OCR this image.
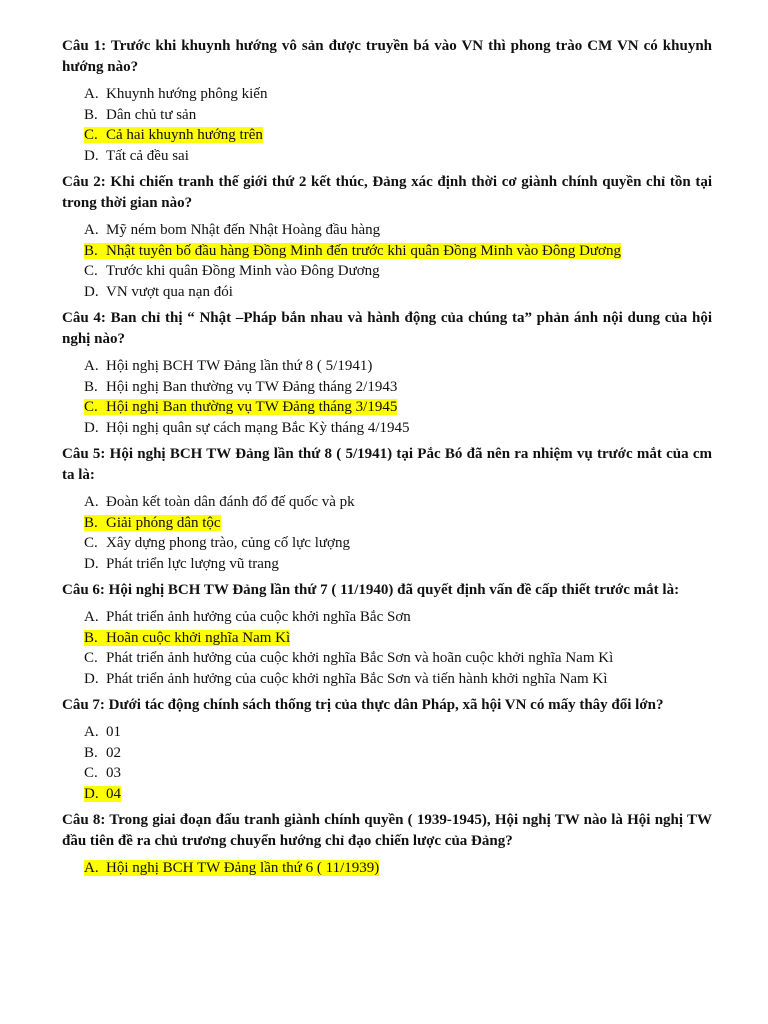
Câu 1: Trước khi khuynh hướng vô sản được truyền bá vào VN thì phong trào CM VN có khuynh hướng nào?

A. Khuynh hướng phông kiến
B. Dân chủ tư sản
C. Cả hai khuynh hướng trên
D. Tất cả đều sai

Câu 2: Khi chiến tranh thế giới thứ 2 kết thúc, Đảng xác định thời cơ giành chính quyền chỉ tồn tại trong thời gian nào?

A. Mỹ ném bom Nhật đến Nhật Hoàng đầu hàng
B. Nhật tuyên bố đầu hàng Đồng Minh đến trước khi quân Đồng Minh vào Đông Dương
C. Trước khi quân Đồng Minh vào Đông Dương
D. VN vượt qua nạn đói

Câu 4: Ban chỉ thị “ Nhật –Pháp bắn nhau và hành động của chúng ta” phản ánh nội dung của hội nghị nào?

A. Hội nghị BCH TW Đảng lần thứ 8 ( 5/1941)
B. Hội nghị Ban thường vụ TW Đảng tháng 2/1943
C. Hội nghị Ban thường vụ TW Đảng tháng 3/1945
D. Hội nghị quân sự cách mạng Bắc Kỳ tháng 4/1945

Câu 5: Hội nghị BCH TW Đảng lần thứ 8 ( 5/1941) tại Pắc Bó đã nên ra nhiệm vụ trước mắt của cm ta là:

A. Đoàn kết toàn dân đánh đổ đế quốc và pk
B. Giải phóng dân tộc
C. Xây dựng phong trào, củng cố lực lượng
D. Phát triển lực lượng vũ trang

Câu 6: Hội nghị BCH TW Đảng lần thứ 7 ( 11/1940) đã quyết định vấn đề cấp thiết trước mắt là:

A. Phát triển ảnh hưởng của cuộc khởi nghĩa Bắc Sơn
B. Hoãn cuộc khởi nghĩa Nam Kì
C. Phát triển ảnh hưởng của cuộc khởi nghĩa Bắc Sơn và hoãn cuộc khởi nghĩa Nam Kì
D. Phát triển ảnh hưởng của cuộc khởi nghĩa Bắc Sơn và tiến hành khởi nghĩa Nam Kì

Câu 7: Dưới tác động chính sách thống trị của thực dân Pháp, xã hội VN có mấy thây đổi lớn?

A. 01
B. 02
C. 03
D. 04

Câu 8: Trong giai đoạn đấu tranh giành chính quyền ( 1939-1945), Hội nghị TW nào là Hội nghị TW đầu tiên đề ra chủ trương chuyển hướng chỉ đạo chiến lược của Đảng?

A. Hội nghị BCH TW Đảng lần thứ 6 ( 11/1939)
